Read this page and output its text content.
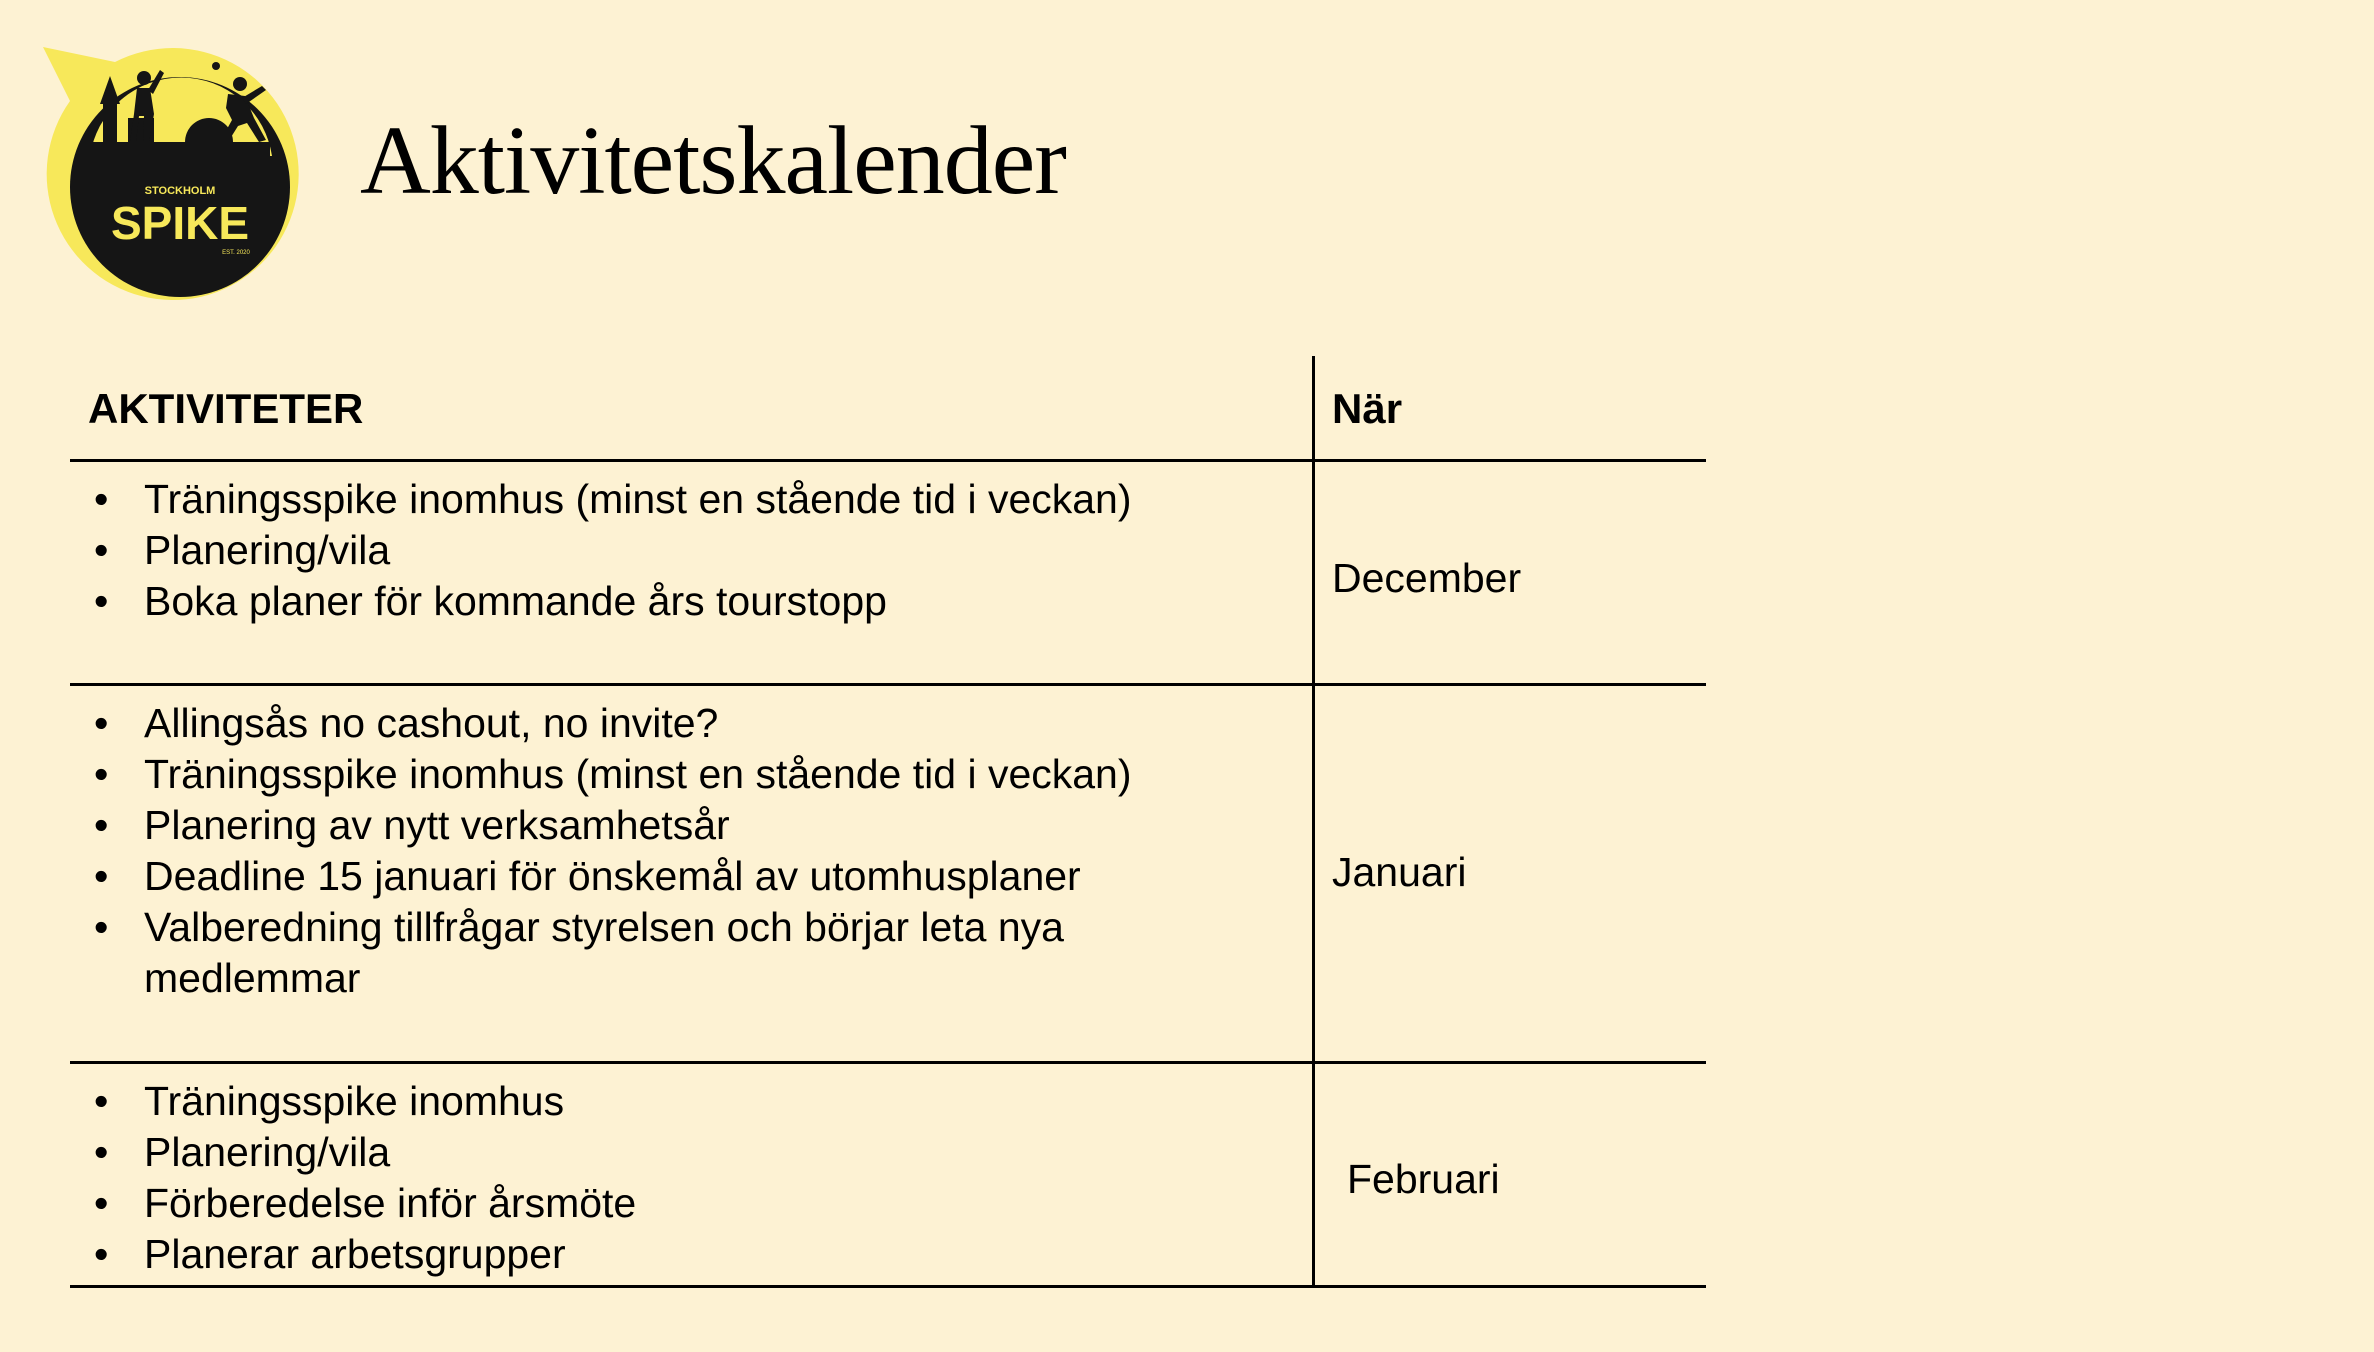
STOCKHOLM
SPIKE
EST. 2020
Aktivitetskalender
AKTIVITETER	När
• Träningsspike inomhus (minst en stående tid i veckan)
• Planering/vila
• Boka planer för kommande års tourstopp	December
• Allingsås no cashout, no invite?
• Träningsspike inomhus (minst en stående tid i veckan)
• Planering av nytt verksamhetsår
• Deadline 15 januari för önskemål av utomhusplaner
• Valberedning tillfrågar styrelsen och börjar leta nya medlemmar
Januari
• Träningsspike inomhus
• Planering/vila
• Förberedelse inför årsmöte
• Planerar arbetsgrupper
Februari
